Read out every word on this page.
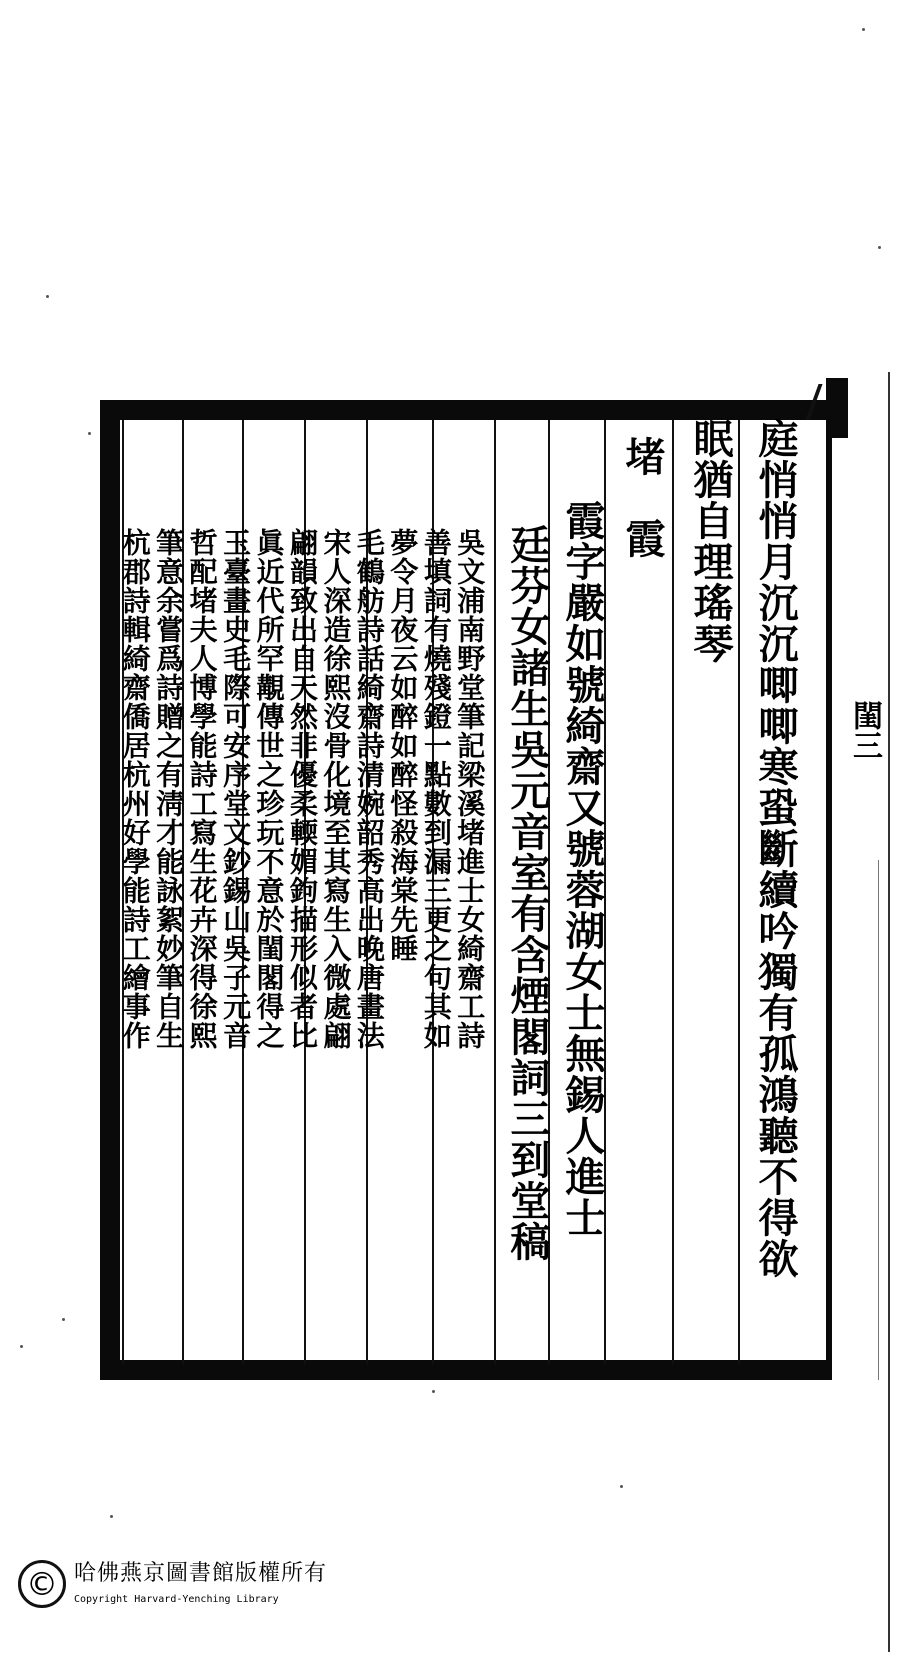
庭悄悄月沉沉唧唧寒蛩斷續吟獨有孤鴻聽不得欲
眠猶自理瑤琴
堵　霞
霞字嚴如號綺齋又號蓉湖女士無錫人進士
廷芬女諸生吳元音室有含煙閣詞三到堂稿
吳文浦南野堂筆記梁溪堵進士女綺齋工詩
善填詞有燒殘鐙一點數到漏三更之句其如
夢令月夜云如醉如醉怪殺海棠先睡
毛鶴舫詩話綺齋詩清婉韶秀高出晚唐畫法
宋人深造徐熙沒骨化境至其寫生入微處翩
翩韻致出自天然非優柔輭媚鉤描形似者比
眞近代所罕覯傳世之珍玩不意於閨閣得之
玉臺畫史毛際可安序堂文鈔錫山吳子元音
哲配堵夫人博學能詩工寫生花卉深得徐熙
筆意余嘗爲詩贈之有淸才能詠絮妙筆自生
杭郡詩輯綺齋僑居杭州好學能詩工繪事作	閨三
© 哈佛燕京圖書館版權所有
Copyright Harvard-Yenching Library
